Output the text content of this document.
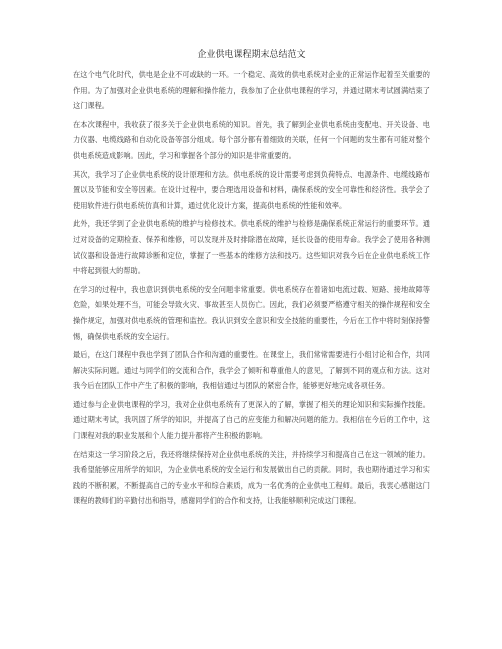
企业供电课程期末总结范文
在这个电气化时代，供电是企业不可或缺的一环。一个稳定、高效的供电系统对企业的正常运作起着至关重要的作用。为了加强对企业供电系统的理解和操作能力，我参加了企业供电课程的学习，并通过期末考试圆满结束了这门课程。
在本次课程中，我收获了很多关于企业供电系统的知识。首先，我了解到企业供电系统由变配电、开关设备、电力仪器、电缆线路和自动化设备等部分组成。每个部分都有着细致的关联，任何一个问题的发生都有可能对整个供电系统造成影响。因此，学习和掌握各个部分的知识是非常重要的。
其次，我学习了企业供电系统的设计原理和方法。供电系统的设计需要考虑到负荷特点、电源条件、电缆线路布置以及节能和安全等因素。在设计过程中，要合理选用设备和材料，确保系统的安全可靠性和经济性。我学会了使用软件进行供电系统仿真和计算，通过优化设计方案，提高供电系统的性能和效率。
此外，我还学到了企业供电系统的维护与检修技术。供电系统的维护与检修是确保系统正常运行的重要环节。通过对设备的定期检查、保养和维修，可以发现并及时排除潜在故障，延长设备的使用寿命。我学会了使用各种测试仪器和设备进行故障诊断和定位，掌握了一些基本的维修方法和技巧。这些知识对我今后在企业供电系统工作中将起到很大的帮助。
在学习的过程中，我也意识到供电系统的安全问题非常重要。供电系统存在着诸如电流过载、短路、接地故障等危险，如果处理不当，可能会导致火灾、事故甚至人员伤亡。因此，我们必须要严格遵守相关的操作规程和安全操作规定，加强对供电系统的管理和监控。我认识到安全意识和安全技能的重要性，今后在工作中将时刻保持警惕，确保供电系统的安全运行。
最后，在这门课程中我也学到了团队合作和沟通的重要性。在课堂上，我们常常需要进行小组讨论和合作，共同解决实际问题。通过与同学们的交流和合作，我学会了倾听和尊重他人的意见，了解到不同的观点和方法。这对我今后在团队工作中产生了积极的影响，我相信通过与团队的紧密合作，能够更好地完成各项任务。
通过参与企业供电课程的学习，我对企业供电系统有了更深入的了解，掌握了相关的理论知识和实际操作技能。通过期末考试，我巩固了所学的知识，并提高了自己的应变能力和解决问题的能力。我相信在今后的工作中，这门课程对我的职业发展和个人能力提升都将产生积极的影响。
在结束这一学习阶段之后，我还将继续保持对企业供电系统的关注，并持续学习和提高自己在这一领域的能力。我希望能够应用所学的知识，为企业供电系统的安全运行和发展做出自己的贡献。同时，我也期待通过学习和实践的不断积累，不断提高自己的专业水平和综合素质，成为一名优秀的企业供电工程师。最后，我衷心感谢这门课程的教师们的辛勤付出和指导，感谢同学们的合作和支持，让我能够顺利完成这门课程。
